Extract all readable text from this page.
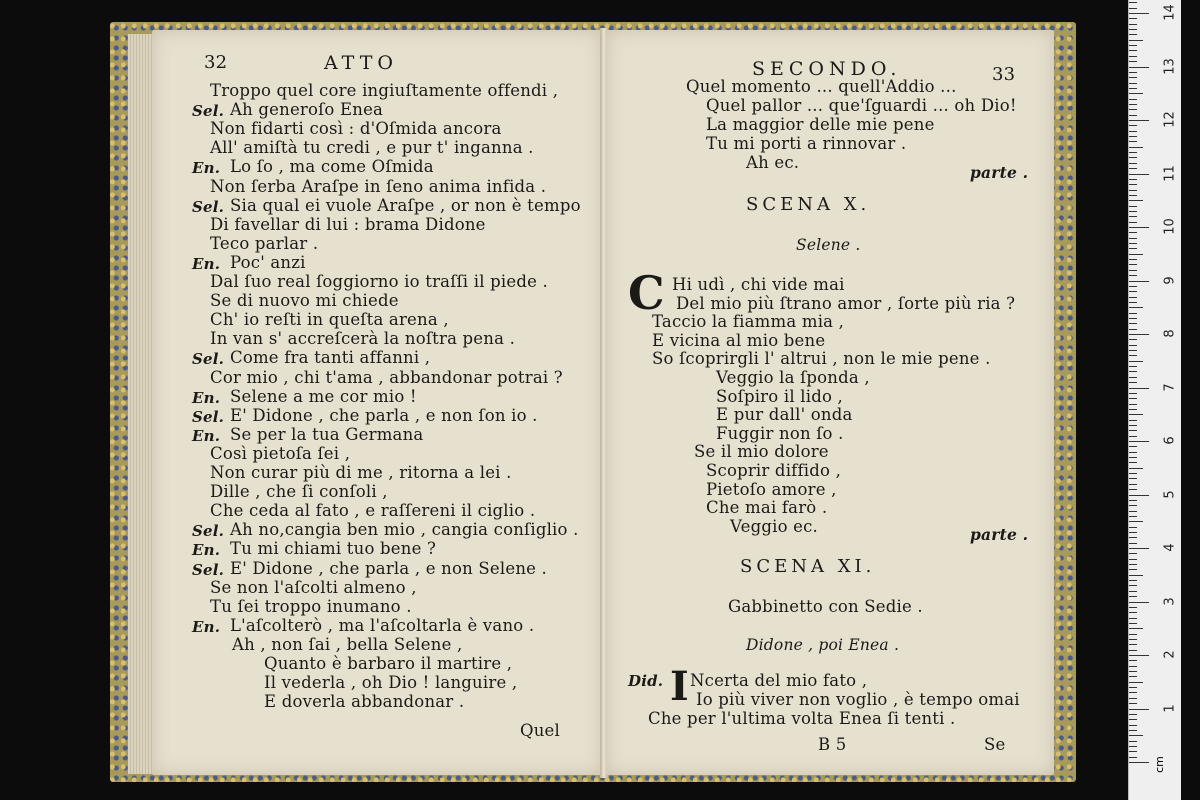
32	ATTO
Troppo quel core ingiuſtamente offendi ,
Sel. Ah generoſo Enea
Non fidarti così : d'Oſmida ancora
All' amiſtà tu credi , e pur t' inganna .
En. Lo ſo , ma come Oſmida
Non ſerba Araſpe in ſeno anima infida .
Sel. Sia qual ei vuole Araſpe , or non è tempo
Di favellar di lui : brama Didone
Teco parlar .
En. Poc' anzi
Dal ſuo real ſoggiorno io traſſi il piede .
Se di nuovo mi chiede
Ch' io reſti in queſta arena ,
In van s' accreſcerà la noſtra pena .
Sel. Come fra tanti affanni ,
Cor mio , chi t'ama , abbandonar potrai ?
En. Selene a me cor mio !
Sel. E' Didone , che parla , e non ſon io .
En. Se per la tua Germana
Così pietoſa ſei ,
Non curar più di me , ritorna a lei .
Dille , che ſi conſoli ,
Che ceda al fato , e raſſereni il ciglio .
Sel. Ah no,cangia ben mio , cangia conſiglio .
En. Tu mi chiami tuo bene ?
Sel. E' Didone , che parla , e non Selene .
Se non l'aſcolti almeno ,
Tu ſei troppo inumano .
En. L'aſcolterò , ma l'aſcoltarla è vano .
Ah , non ſai , bella Selene ,
Quanto è barbaro il martire ,
Il vederla , oh Dio ! languire ,
E doverla abbandonar .
Quel
SECONDO.	33
Quel momento ... quell'Addio ...
Quel pallor ... que'ſguardi ... oh Dio!
La maggior delle mie pene
Tu mi porti a rinnovar .
Ah ec.
parte .
SCENA X.
Selene .
C Hi udì , chi vide mai
Del mio più ſtrano amor , ſorte più ria ?
Taccio la fiamma mia ,
E vicina al mio bene
So ſcoprirgli l' altrui , non le mie pene .
Veggio la ſponda ,
Soſpiro il lido ,
E pur dall' onda
Fuggir non ſo .
Se il mio dolore
Scoprir diffido ,
Pietoſo amore ,
Che mai farò .
Veggio ec.	parte .
SCENA XI.
Gabbinetto con Sedie .
Didone , poi Enea .
Did. I Ncerta del mio fato ,
Io più viver non voglio , è tempo omai
Che per l'ultima volta Enea ſi tenti .
B 5	Se
1
2
3
4
5
6
7
8
9
10
11
12
13
14
cm
